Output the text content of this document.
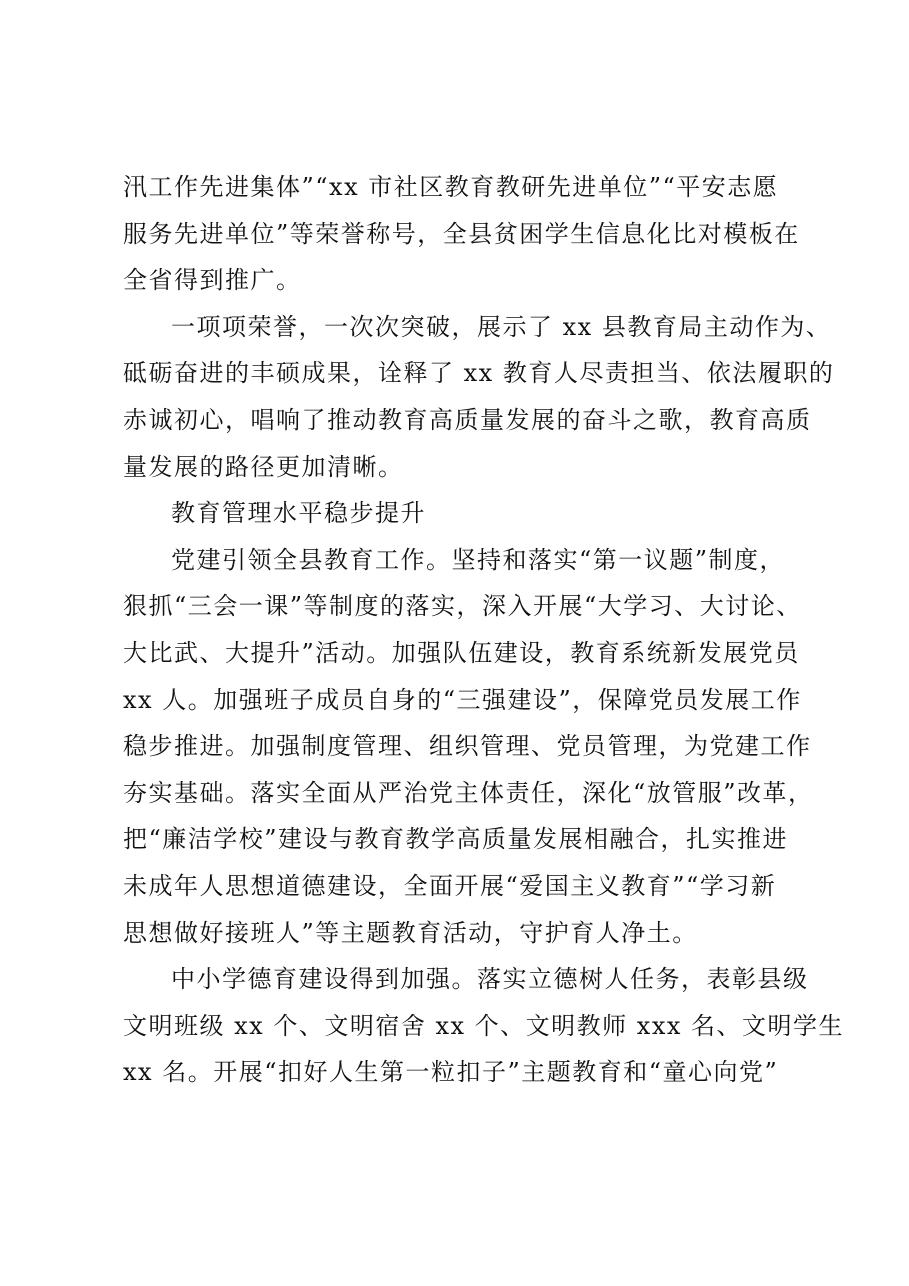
汛工作先进集体”“xx 市社区教育教研先进单位”“平安志愿
服务先进单位”等荣誉称号，全县贫困学生信息化比对模板在
全省得到推广。
一项项荣誉，一次次突破，展示了 xx 县教育局主动作为、
砥砺奋进的丰硕成果，诠释了 xx 教育人尽责担当、依法履职的
赤诚初心，唱响了推动教育高质量发展的奋斗之歌，教育高质
量发展的路径更加清晰。
教育管理水平稳步提升
党建引领全县教育工作。坚持和落实“第一议题”制度，
狠抓“三会一课”等制度的落实，深入开展“大学习、大讨论、
大比武、大提升”活动。加强队伍建设，教育系统新发展党员
xx 人。加强班子成员自身的“三强建设”，保障党员发展工作
稳步推进。加强制度管理、组织管理、党员管理，为党建工作
夯实基础。落实全面从严治党主体责任，深化“放管服”改革，
把“廉洁学校”建设与教育教学高质量发展相融合，扎实推进
未成年人思想道德建设，全面开展“爱国主义教育”“学习新
思想做好接班人”等主题教育活动，守护育人净土。
中小学德育建设得到加强。落实立德树人任务，表彰县级
文明班级 xx 个、文明宿舍 xx 个、文明教师 xxx 名、文明学生
xx 名。开展“扣好人生第一粒扣子”主题教育和“童心向党”
